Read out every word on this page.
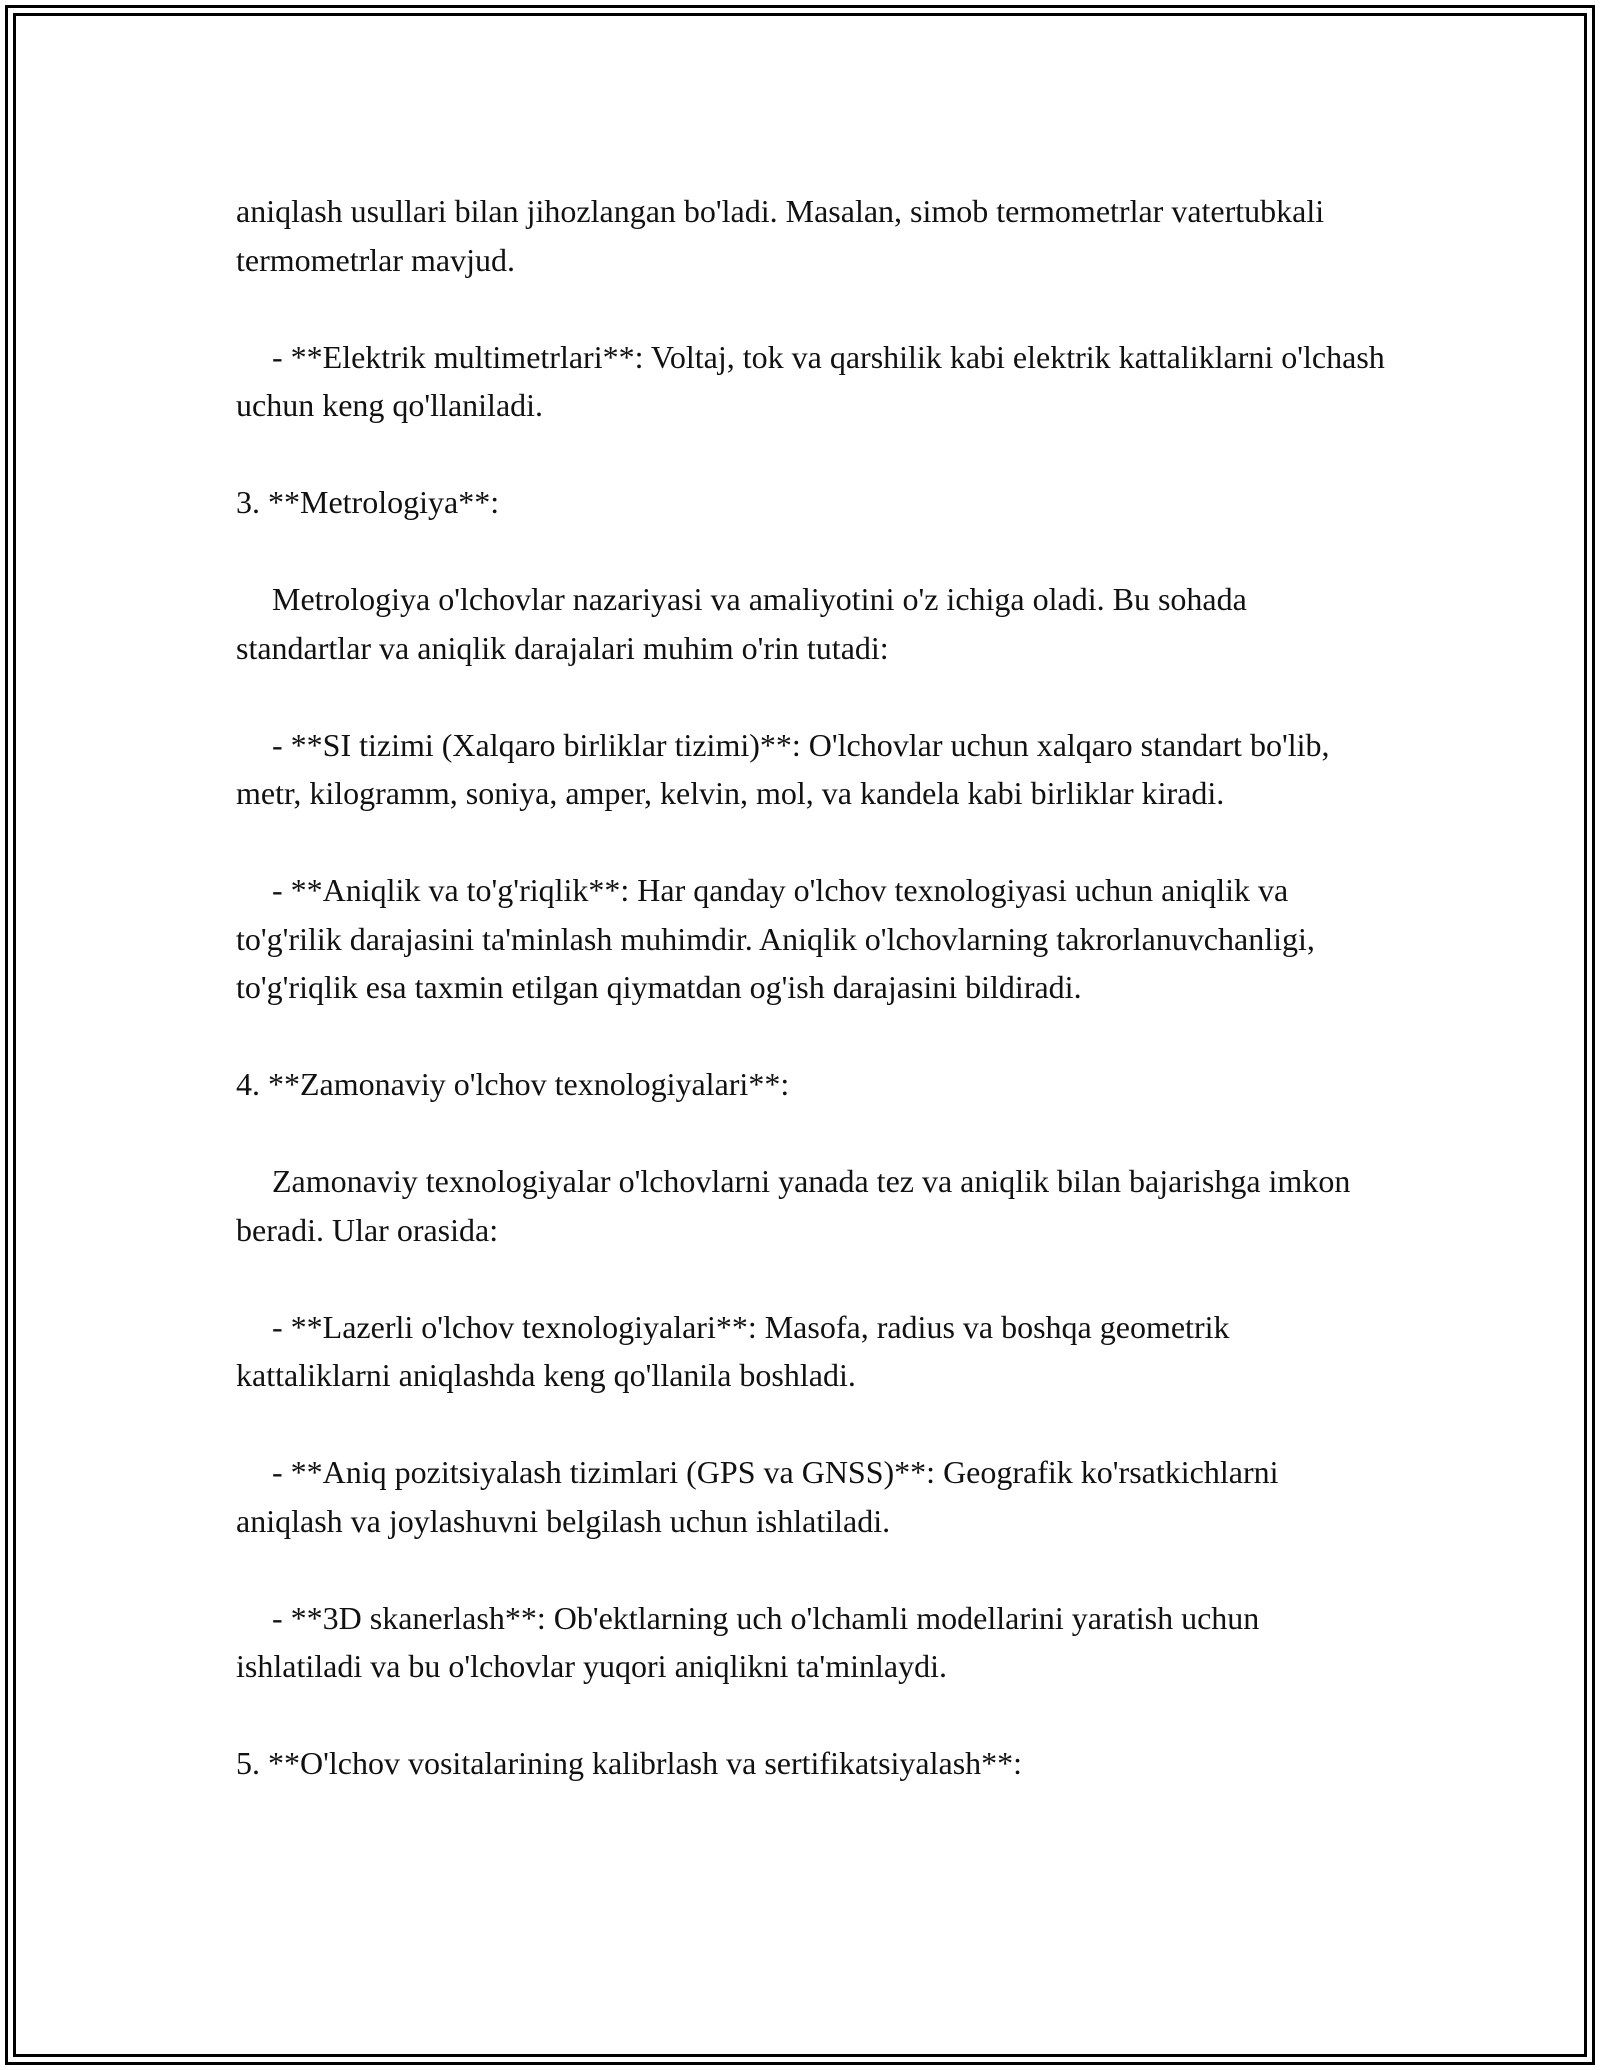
aniqlash usullari bilan jihozlangan bo'ladi. Masalan, simob termometrlar vatertubkali termometrlar mavjud.

- **Elektrik multimetrlari**: Voltaj, tok va qarshilik kabi elektrik kattaliklarni o'lchash uchun keng qo'llaniladi.

3. **Metrologiya**:

Metrologiya o'lchovlar nazariyasi va amaliyotini o'z ichiga oladi. Bu sohada standartlar va aniqlik darajalari muhim o'rin tutadi:

- **SI tizimi (Xalqaro birliklar tizimi)**: O'lchovlar uchun xalqaro standart bo'lib, metr, kilogramm, soniya, amper, kelvin, mol, va kandela kabi birliklar kiradi.

- **Aniqlik va to'g'riqlik**: Har qanday o'lchov texnologiyasi uchun aniqlik va to'g'rilik darajasini ta'minlash muhimdir. Aniqlik o'lchovlarning takrorlanuvchanligi, to'g'riqlik esa taxmin etilgan qiymatdan og'ish darajasini bildiradi.

4. **Zamonaviy o'lchov texnologiyalari**:

Zamonaviy texnologiyalar o'lchovlarni yanada tez va aniqlik bilan bajarishga imkon beradi. Ular orasida:

- **Lazerli o'lchov texnologiyalari**: Masofa, radius va boshqa geometrik kattaliklarni aniqlashda keng qo'llanila boshladi.

- **Aniq pozitsiyalash tizimlari (GPS va GNSS)**: Geografik ko'rsatkichlarni aniqlash va joylashuvni belgilash uchun ishlatiladi.

- **3D skanerlash**: Ob'ektlarning uch o'lchamli modellarini yaratish uchun ishlatiladi va bu o'lchovlar yuqori aniqlikni ta'minlaydi.

5. **O'lchov vositalarining kalibrlash va sertifikatsiyalash**:
